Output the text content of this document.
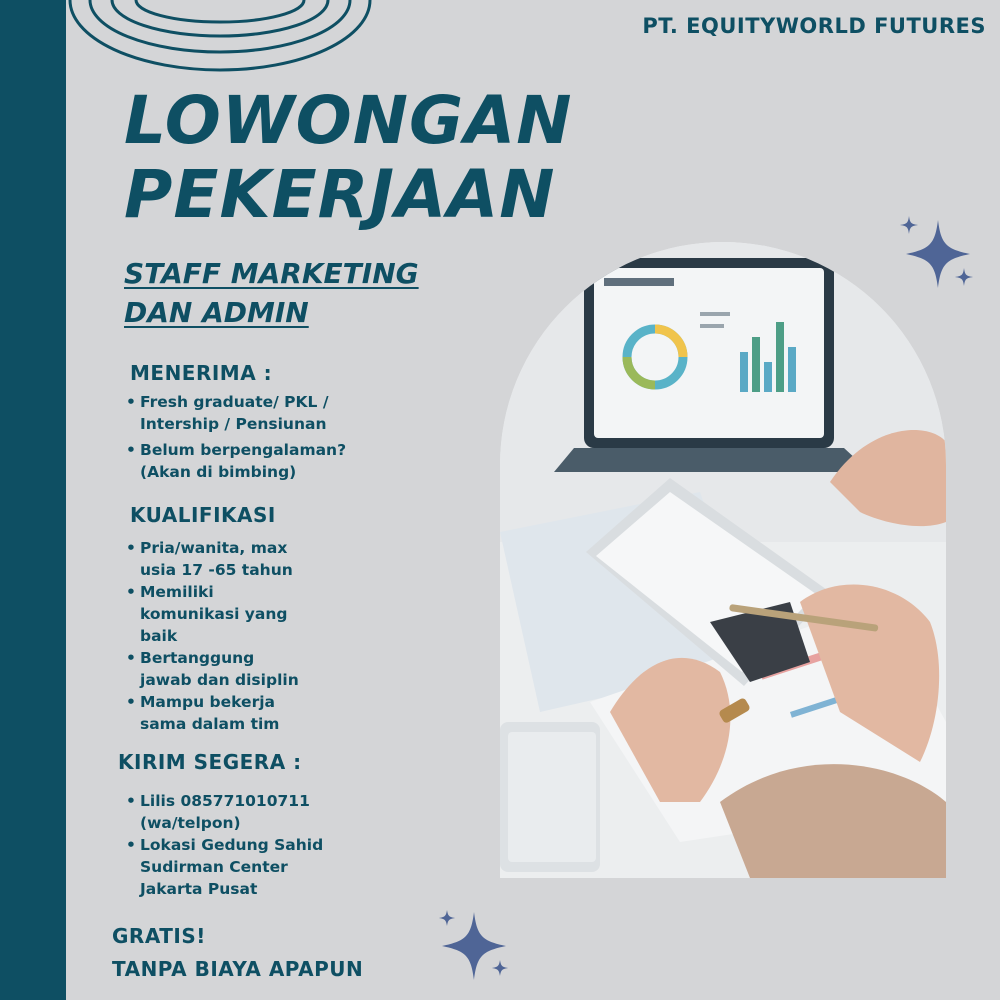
PT. EQUITYWORLD FUTURES
LOWONGAN
PEKERJAAN
STAFF MARKETING
DAN ADMIN
MENERIMA :
• Fresh graduate/ PKL /
Intership / Pensiunan
• Belum berpengalaman?
(Akan di bimbing)
KUALIFIKASI
• Pria/wanita, max
usia 17 -65 tahun
• Memiliki
komunikasi yang
baik
• Bertanggung
jawab dan disiplin
• Mampu bekerja
sama dalam tim
KIRIM SEGERA :
• Lilis 085771010711
(wa/telpon)
• Lokasi Gedung Sahid
Sudirman Center
Jakarta Pusat
GRATIS!
TANPA BIAYA APAPUN
